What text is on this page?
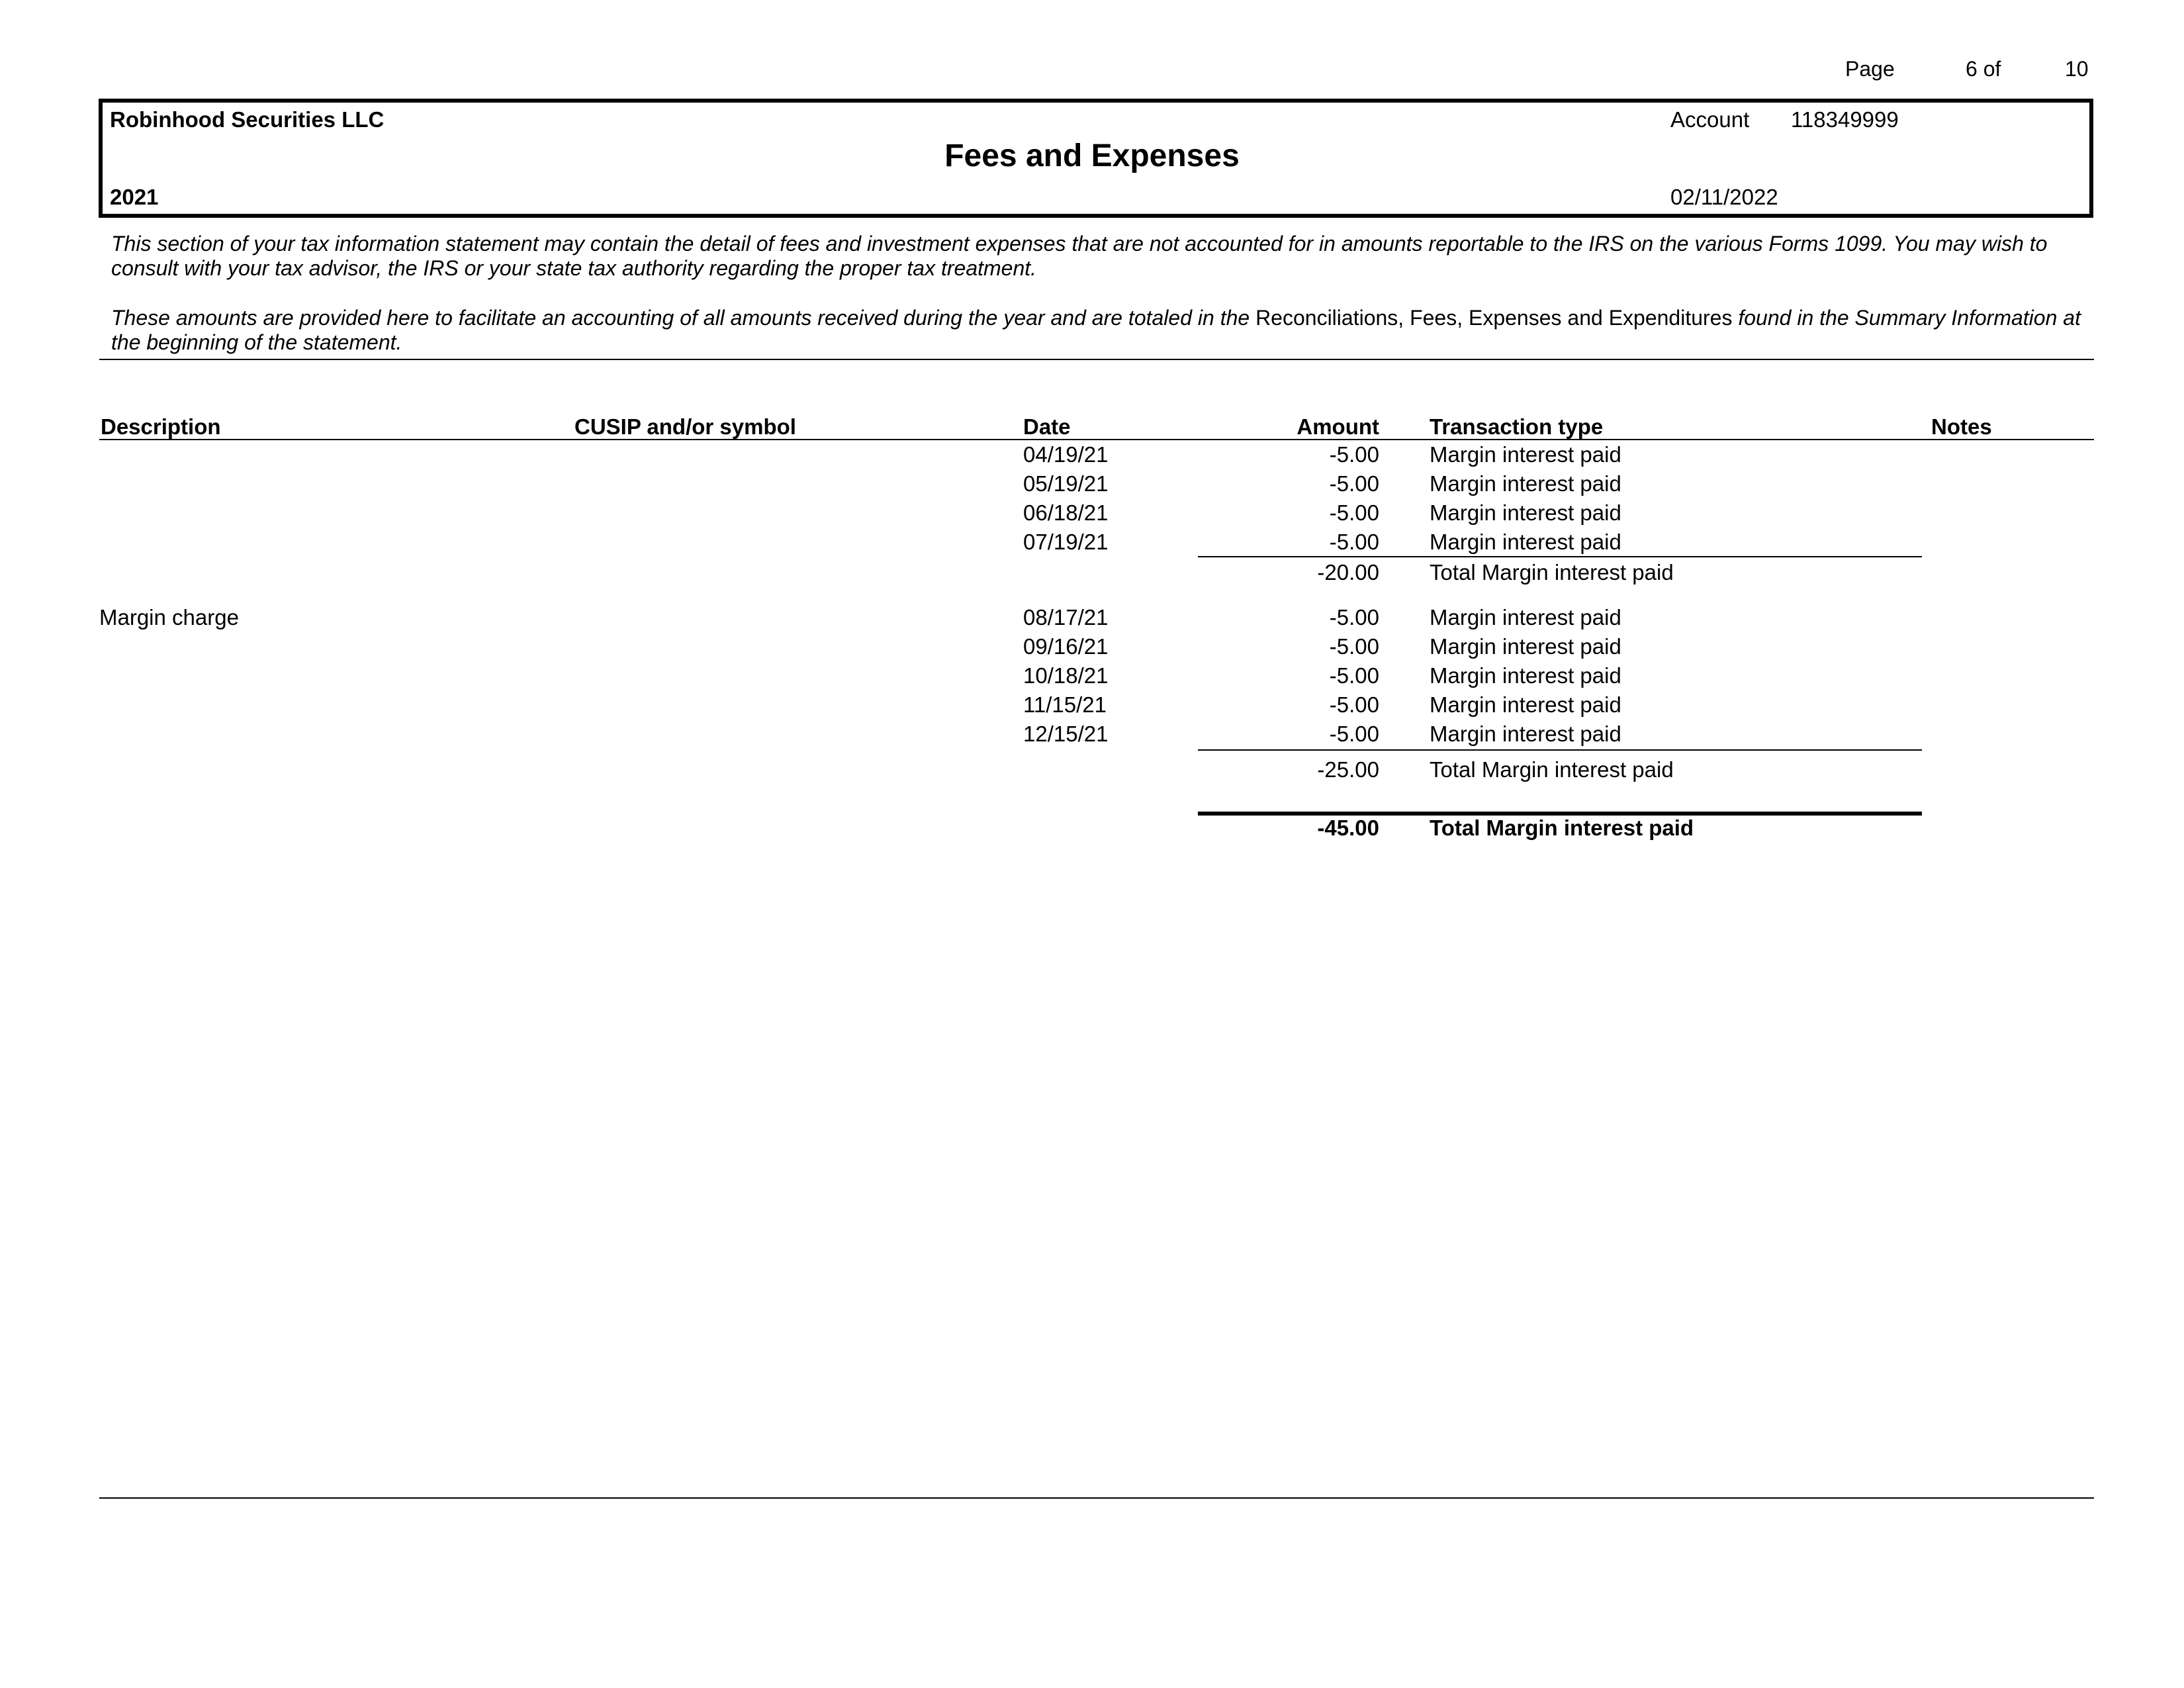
Page	6 of	10
Robinhood Securities LLC
Fees and Expenses
2021
Account 118349999
02/11/2022
This section of your tax information statement may contain the detail of fees and investment expenses that are not accounted for in amounts reportable to the IRS on the various Forms 1099. You may wish to consult with your tax advisor, the IRS or your state tax authority regarding the proper tax treatment.
These amounts are provided here to facilitate an accounting of all amounts received during the year and are totaled in the Reconciliations, Fees, Expenses and Expenditures found in the Summary Information at the beginning of the statement.
Description	CUSIP and/or symbol	Date	Amount Transaction type	Notes
04/19/21	-5.00 Margin interest paid
05/19/21	-5.00 Margin interest paid
06/18/21	-5.00 Margin interest paid
07/19/21	-5.00 Margin interest paid
-20.00 Total Margin interest paid
Margin charge	08/17/21	-5.00 Margin interest paid
09/16/21	-5.00 Margin interest paid
10/18/21	-5.00 Margin interest paid
11/15/21	-5.00 Margin interest paid
12/15/21	-5.00 Margin interest paid
-25.00 Total Margin interest paid
-45.00 Total Margin interest paid
